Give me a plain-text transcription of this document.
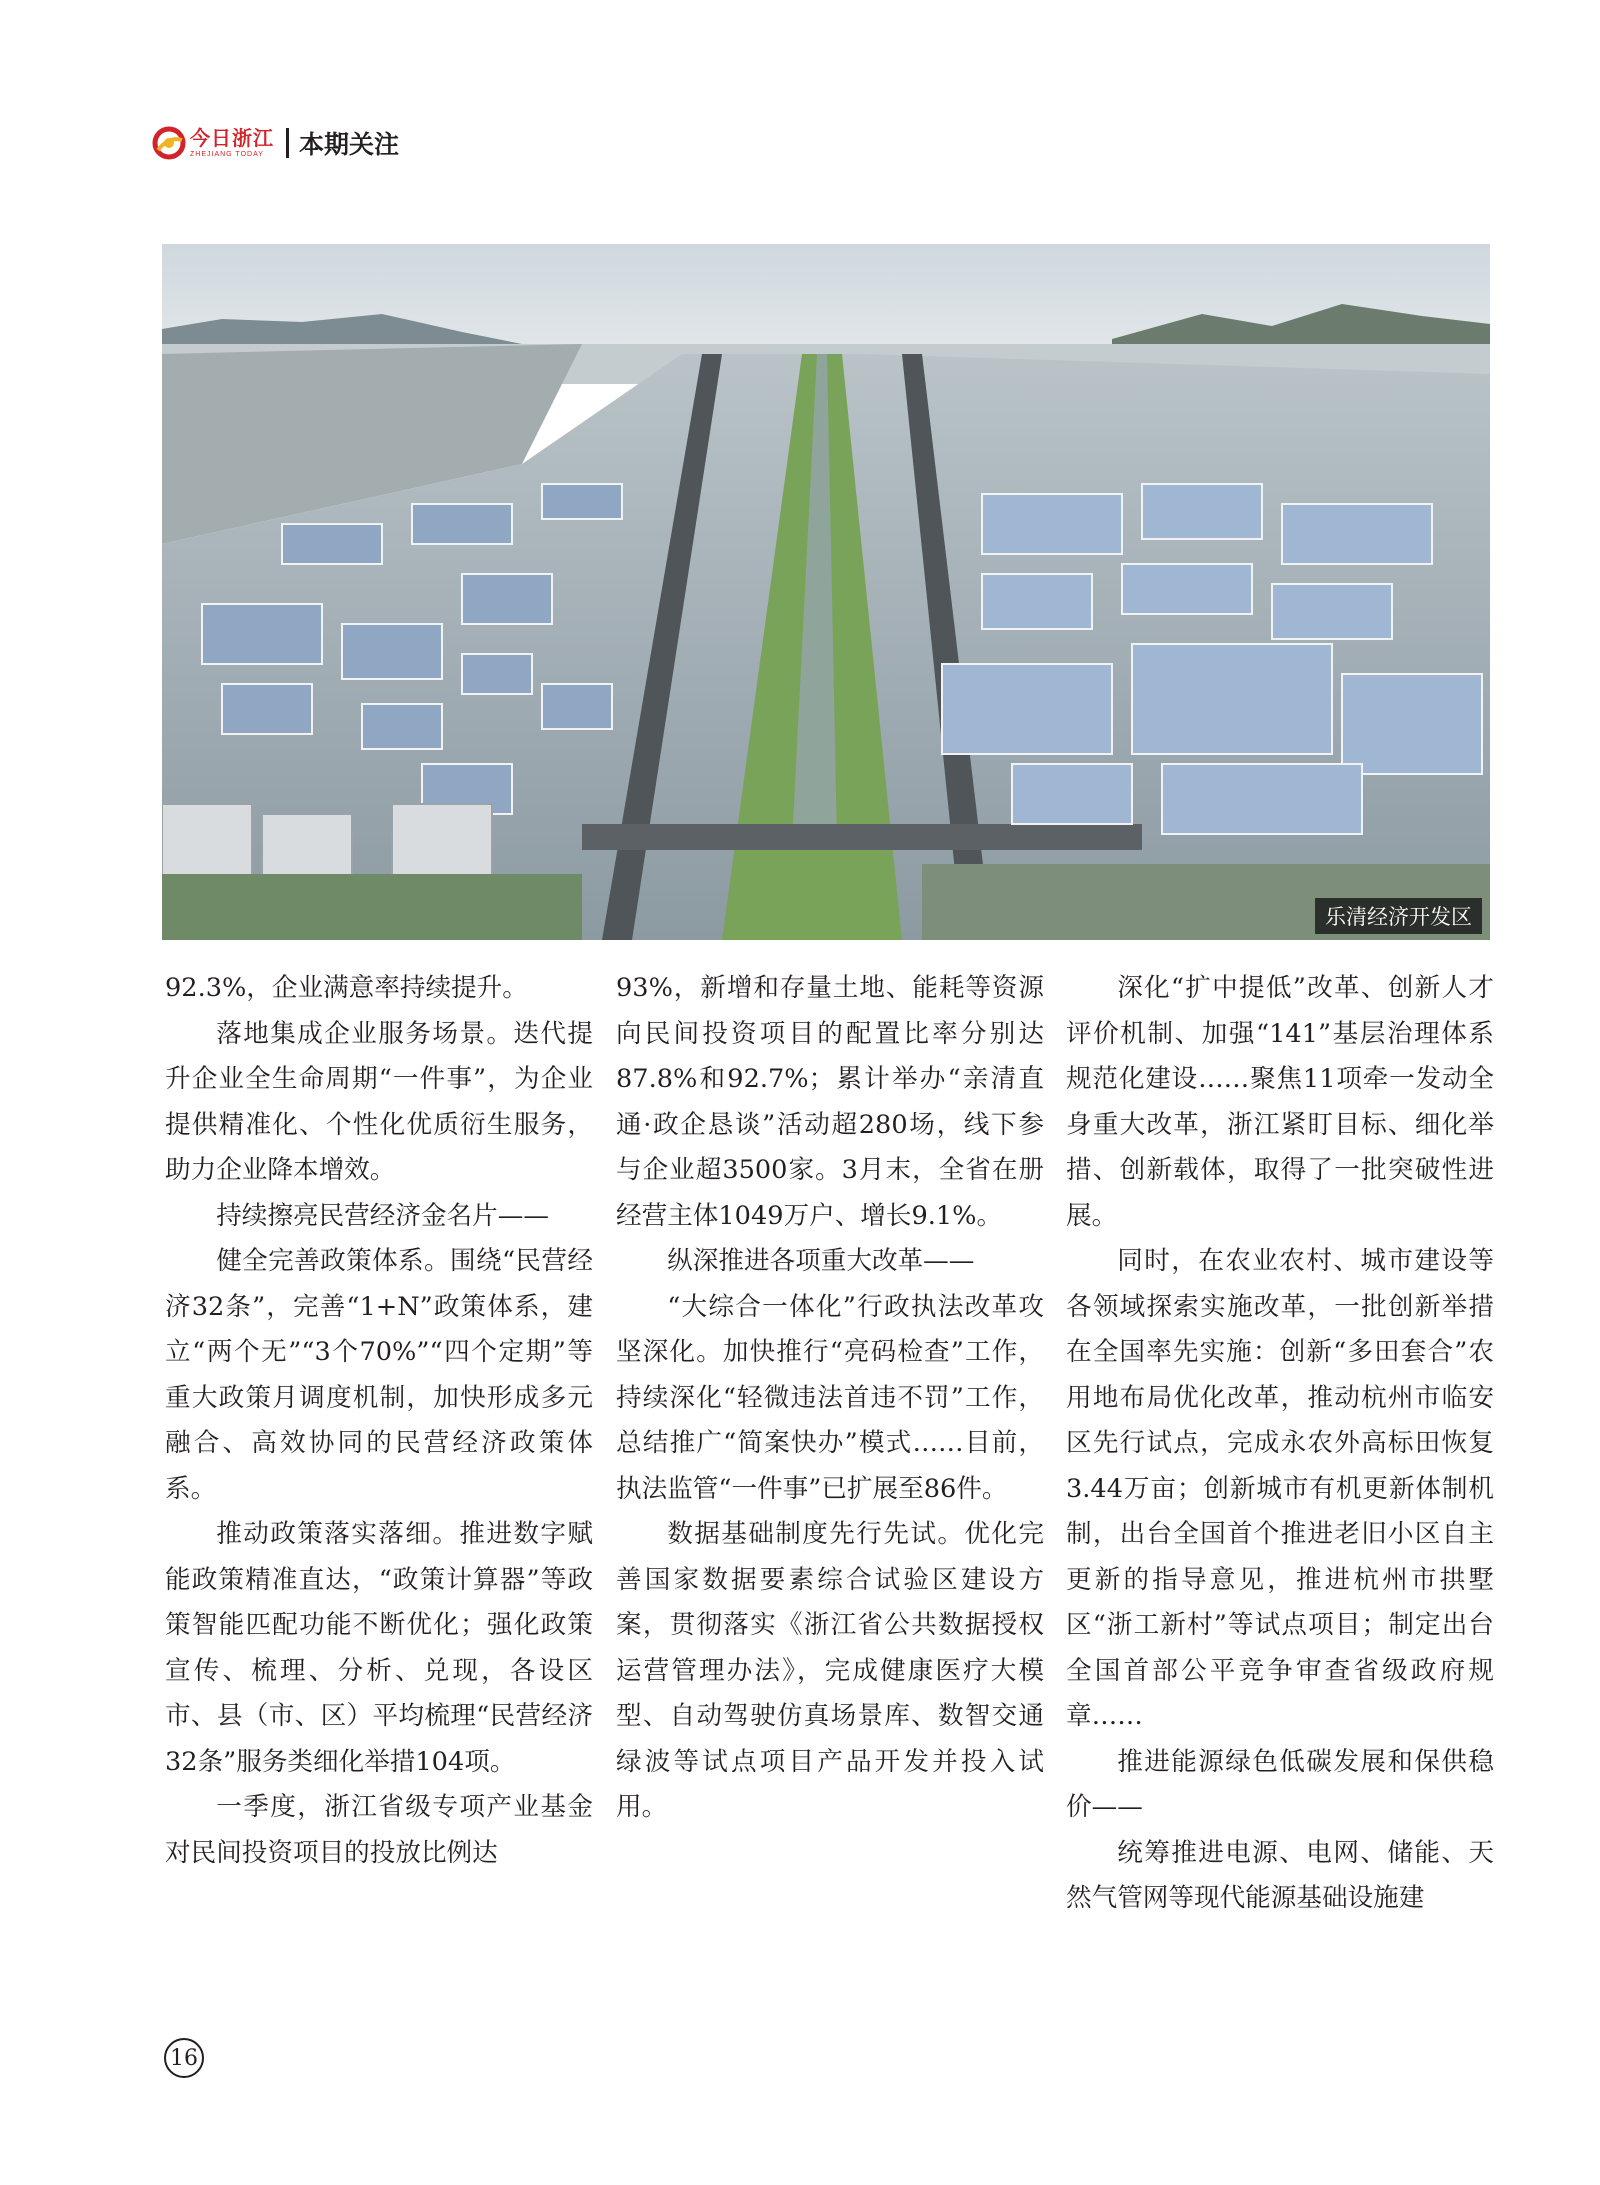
今日浙江
ZHEJIANG TODAY	本期关注
乐清经济开发区

92.3%，企业满意率持续提升。

落地集成企业服务场景。迭代提升企业全生命周期“一件事”，为企业提供精准化、个性化优质衍生服务，助力企业降本增效。

持续擦亮民营经济金名片——

健全完善政策体系。围绕“民营经济32条”，完善“1+N”政策体系，建立“两个无”“3个70%”“四个定期”等重大政策月调度机制，加快形成多元融合、高效协同的民营经济政策体系。

推动政策落实落细。推进数字赋能政策精准直达，“政策计算器”等政策智能匹配功能不断优化；强化政策宣传、梳理、分析、兑现，各设区市、县（市、区）平均梳理“民营经济32条”服务类细化举措104项。

一季度，浙江省级专项产业基金对民间投资项目的投放比例达

93%，新增和存量土地、能耗等资源向民间投资项目的配置比率分别达87.8%和92.7%；累计举办“亲清直通·政企恳谈”活动超280场，线下参与企业超3500家。3月末，全省在册经营主体1049万户、增长9.1%。

纵深推进各项重大改革——

“大综合一体化”行政执法改革攻坚深化。加快推行“亮码检查”工作，持续深化“轻微违法首违不罚”工作，总结推广“简案快办”模式……目前，执法监管“一件事”已扩展至86件。

数据基础制度先行先试。优化完善国家数据要素综合试验区建设方案，贯彻落实《浙江省公共数据授权运营管理办法》，完成健康医疗大模型、自动驾驶仿真场景库、数智交通绿波等试点项目产品开发并投入试用。

深化“扩中提低”改革、创新人才评价机制、加强“141”基层治理体系规范化建设……聚焦11项牵一发动全身重大改革，浙江紧盯目标、细化举措、创新载体，取得了一批突破性进展。

同时，在农业农村、城市建设等各领域探索实施改革，一批创新举措在全国率先实施：创新“多田套合”农用地布局优化改革，推动杭州市临安区先行试点，完成永农外高标田恢复3.44万亩；创新城市有机更新体制机制，出台全国首个推进老旧小区自主更新的指导意见，推进杭州市拱墅区“浙工新村”等试点项目；制定出台全国首部公平竞争审查省级政府规章……

推进能源绿色低碳发展和保供稳价——

统筹推进电源、电网、储能、天然气管网等现代能源基础设施建

16
